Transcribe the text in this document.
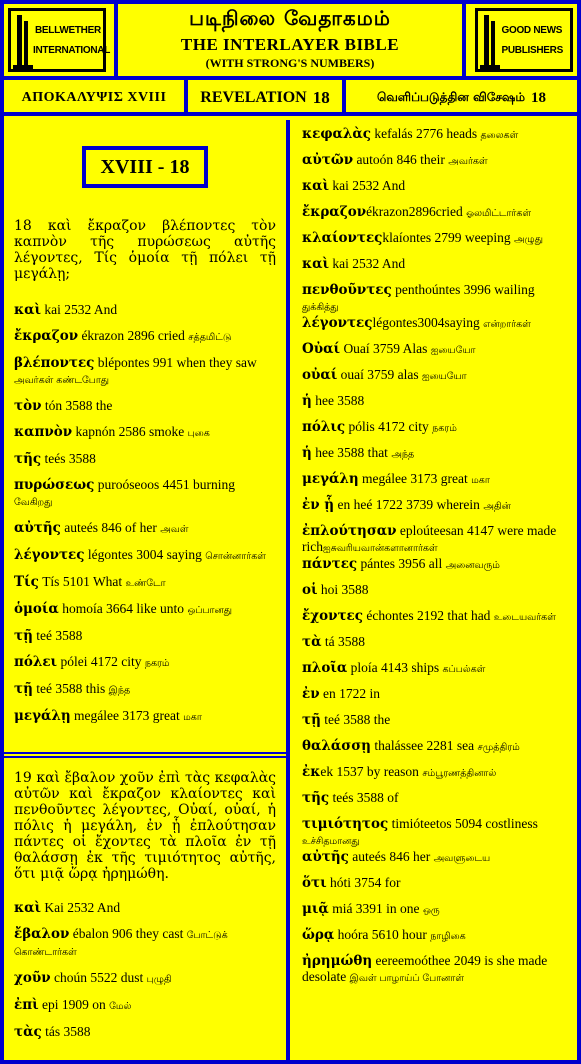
BELLWETHER
INTERNATIONAL
படிநிலை வேதாகமம்
THE INTERLAYER BIBLE
(WITH STRONG'S NUMBERS)
GOOD NEWS
PUBLISHERS
ΑΠΟΚΑΛΥΨΙΣ XVIII	REVELATION 18	வெளிப்படுத்தின விசேஷம் 18
XVIII - 18
18 καὶ ἔκραζον βλέποντες τὸν καπνὸν τῆς πυρώσεως αὐτῆς λέγοντες, Τίς ὁμοία τῇ πόλει τῇ μεγάλῃ;
καὶ kai 2532 And
ἔκραζον ékrazon 2896 cried சத்தமிட்டு
βλέποντες blépontes 991 when they saw அவர்கள் கண்டபோது
τὸν tón 3588 the
καπνὸν kapnón 2586 smoke புகை
τῆς teés 3588
πυρώσεως puroóseoos 4451 burning வேகிறது
αὐτῆς auteés 846 of her அவள்
λέγοντες légontes 3004 saying சொன்னார்கள்
Τίς Tís 5101 What உண்டோ
ὁμοία homoía 3664 like unto ஒப்பானது
τῇ teé 3588
πόλει pólei 4172 city நகரம்
τῇ teé 3588 this இந்த
μεγάλῃ megálee 3173 great மகா
19 καὶ ἔβαλον χοῦν ἐπὶ τὰς κεφαλὰς αὐτῶν καὶ ἔκραζον κλαίοντες καὶ πενθοῦντες λέγοντες, Οὐαί, οὐαί, ἡ πόλις ἡ μεγάλη, ἐν ᾗ ἐπλούτησαν πάντες οἱ ἔχοντες τὰ πλοῖα ἐν τῇ θαλάσσῃ ἐκ τῆς τιμιότητος αὐτῆς, ὅτι μιᾷ ὥρᾳ ἠρημώθη.
καὶ Kai 2532 And
ἔβαλον ébalon 906 they cast போட்டுக் கொண்டார்கள்
χοῦν choún 5522 dust புழுதி
ἐπὶ epi 1909 on மேல்
τὰς tás 3588
κεφαλὰς kefalás 2776 heads தலைகள்
αὐτῶν autoón 846 their அவர்கள்
καὶ kai 2532 And
ἔκραζονékrazon2896cried ஓலமிட்டார்கள்
κλαίοντεςklaíontes 2799 weeping அழுது
καὶ kai 2532 And
πενθοῦντες penthoúntes 3996 wailing துக்கித்து
λέγοντεςlégontes3004saying என்றார்கள்
Οὐαί Ouaí 3759 Alas ஐயையோ
οὐαί ouaí 3759 alas ஐயையோ
ἡ hee 3588
πόλις pólis 4172 city நகரம்
ἡ hee 3588 that அந்த
μεγάλη megálee 3173 great மகா
ἐν ᾗ en heé 1722 3739 wherein அதின்
ἐπλούτησαν eploúteesan 4147 were made richஐசுவரியவான்களானார்கள்
πάντες pántes 3956 all அனைவரும்
οἱ hoi 3588
ἔχοντες échontes 2192 that had உடையவர்கள்
τὰ tá 3588
πλοῖα ploía 4143 ships கப்பல்கள்
ἐν en 1722 in
τῇ teé 3588 the
θαλάσσῃ thalássee 2281 sea சமுத்திரம்
ἐκek 1537 by reason சம்பூரணத்தினால்
τῆς teés 3588 of
τιμιότητος timióteetos 5094 costliness உச்சிதமானது
αὐτῆς auteés 846 her அவளுடைய
ὅτι hóti 3754 for
μιᾷ miá 3391 in one ஒரு
ὥρᾳ hoóra 5610 hour நாழிகை
ἠρημώθη eereemoóthee 2049 is she made desolate இவள் பாழாய்ப் போனாள்
